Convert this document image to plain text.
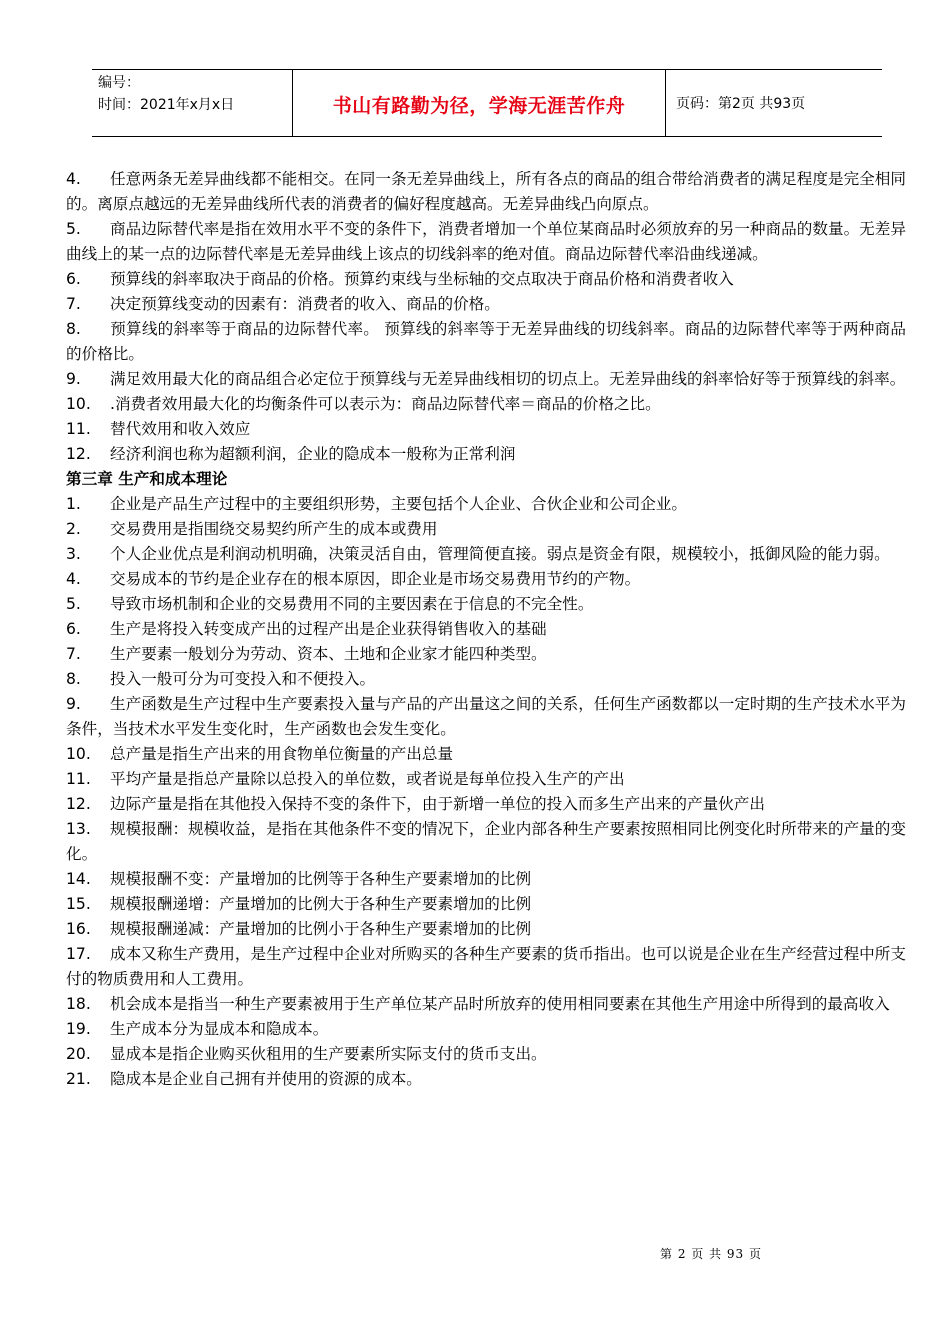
编号：
时间：2021年x月x日	书山有路勤为径，学海无涯苦作舟	页码：第2页 共93页

4. 任意两条无差异曲线都不能相交。在同一条无差异曲线上，所有各点的商品的组合带给消费者的满足程度是完全相同的。离原点越远的无差异曲线所代表的消费者的偏好程度越高。无差异曲线凸向原点。

5. 商品边际替代率是指在效用水平不变的条件下，消费者增加一个单位某商品时必须放弃的另一种商品的数量。无差异曲线上的某一点的边际替代率是无差异曲线上该点的切线斜率的绝对值。商品边际替代率沿曲线递减。

6. 预算线的斜率取决于商品的价格。预算约束线与坐标轴的交点取决于商品价格和消费者收入

7. 决定预算线变动的因素有：消费者的收入、商品的价格。

8. 预算线的斜率等于商品的边际替代率。 预算线的斜率等于无差异曲线的切线斜率。商品的边际替代率等于两种商品的价格比。

9. 满足效用最大化的商品组合必定位于预算线与无差异曲线相切的切点上。无差异曲线的斜率恰好等于预算线的斜率。

10. .消费者效用最大化的均衡条件可以表示为：商品边际替代率＝商品的价格之比。

11. 替代效用和收入效应

12. 经济利润也称为超额利润，企业的隐成本一般称为正常利润

第三章 生产和成本理论

1. 企业是产品生产过程中的主要组织形势，主要包括个人企业、合伙企业和公司企业。

2. 交易费用是指围绕交易契约所产生的成本或费用

3. 个人企业优点是利润动机明确，决策灵活自由，管理简便直接。弱点是资金有限，规模较小，抵御风险的能力弱。

4. 交易成本的节约是企业存在的根本原因，即企业是市场交易费用节约的产物。

5. 导致市场机制和企业的交易费用不同的主要因素在于信息的不完全性。

6. 生产是将投入转变成产出的过程产出是企业获得销售收入的基础

7. 生产要素一般划分为劳动、资本、土地和企业家才能四种类型。

8. 投入一般可分为可变投入和不便投入。

9. 生产函数是生产过程中生产要素投入量与产品的产出量这之间的关系，任何生产函数都以一定时期的生产技术水平为条件，当技术水平发生变化时，生产函数也会发生变化。

10. 总产量是指生产出来的用食物单位衡量的产出总量

11. 平均产量是指总产量除以总投入的单位数，或者说是每单位投入生产的产出

12. 边际产量是指在其他投入保持不变的条件下，由于新增一单位的投入而多生产出来的产量伙产出

13. 规模报酬：规模收益，是指在其他条件不变的情况下，企业内部各种生产要素按照相同比例变化时所带来的产量的变化。

14. 规模报酬不变：产量增加的比例等于各种生产要素增加的比例

15. 规模报酬递增：产量增加的比例大于各种生产要素增加的比例

16. 规模报酬递减：产量增加的比例小于各种生产要素增加的比例

17. 成本又称生产费用，是生产过程中企业对所购买的各种生产要素的货币指出。也可以说是企业在生产经营过程中所支付的物质费用和人工费用。

18. 机会成本是指当一种生产要素被用于生产单位某产品时所放弃的使用相同要素在其他生产用途中所得到的最高收入

19. 生产成本分为显成本和隐成本。

20. 显成本是指企业购买伙租用的生产要素所实际支付的货币支出。

21. 隐成本是企业自己拥有并使用的资源的成本。

第 2 页 共 93 页
